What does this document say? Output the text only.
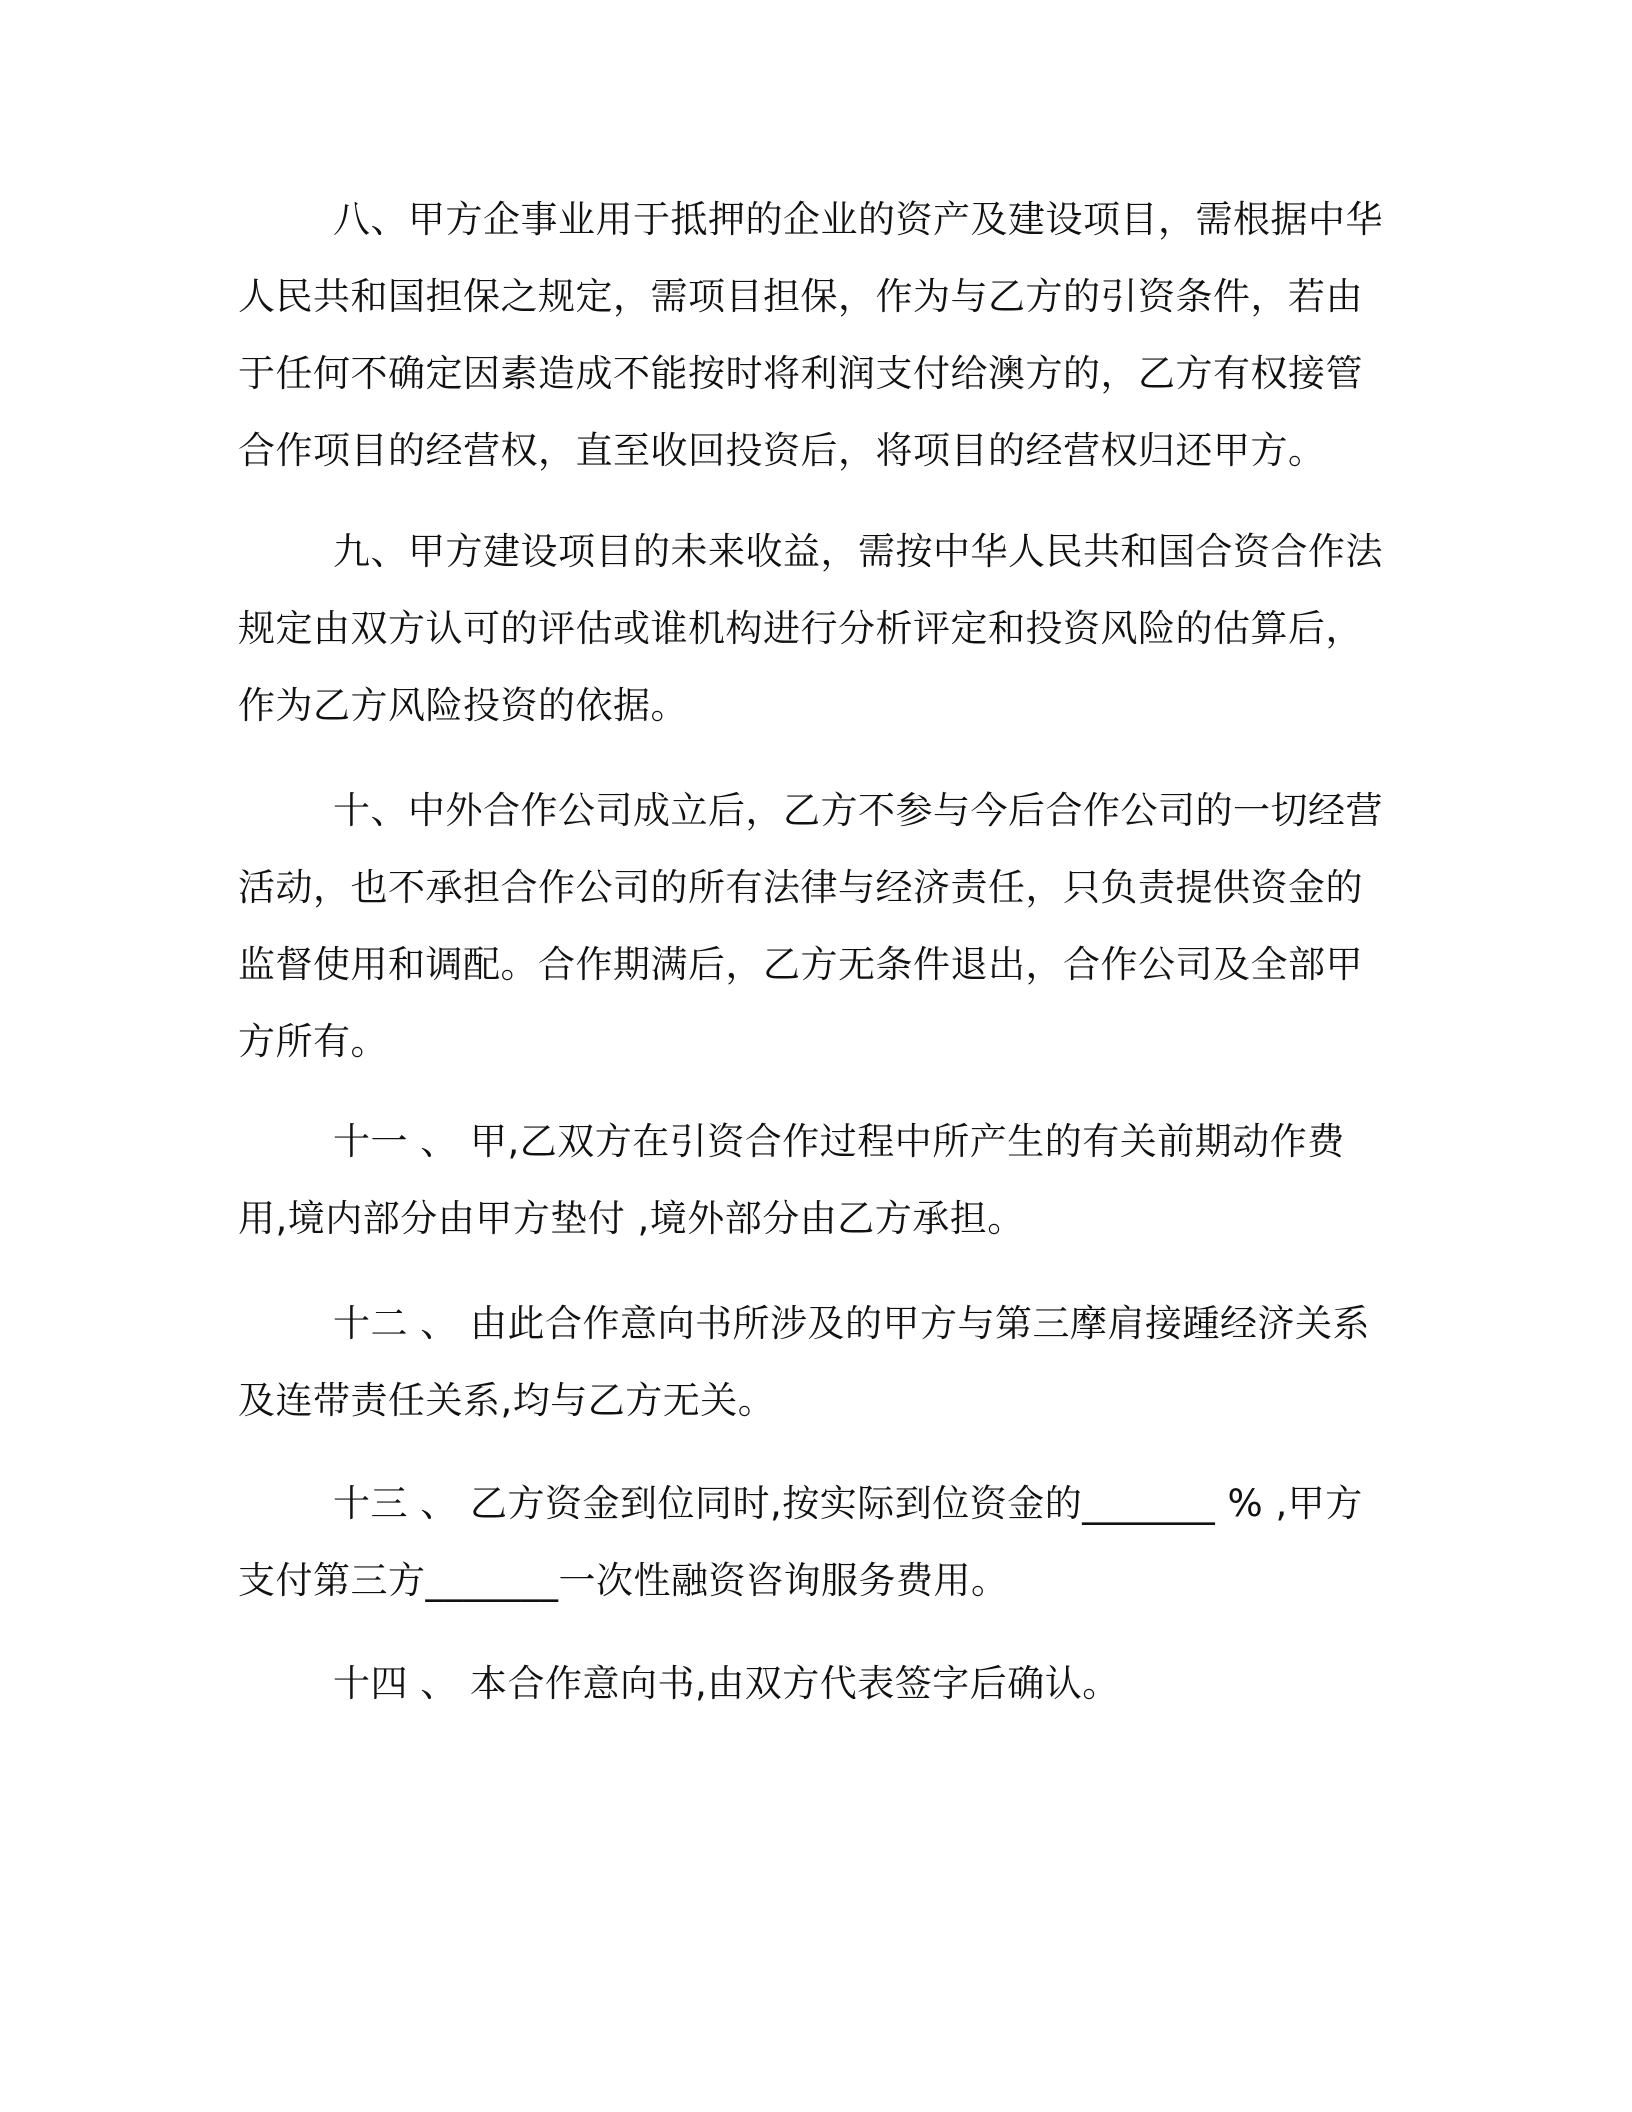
八、甲方企事业用于抵押的企业的资产及建设项目，需根据中华人民共和国担保之规定，需项目担保，作为与乙方的引资条件，若由于任何不确定因素造成不能按时将利润支付给澳方的，乙方有权接管合作项目的经营权，直至收回投资后，将项目的经营权归还甲方。

九、甲方建设项目的未来收益，需按中华人民共和国合资合作法规定由双方认可的评估或谁机构进行分析评定和投资风险的估算后，作为乙方风险投资的依据。

十、中外合作公司成立后，乙方不参与今后合作公司的一切经营活动，也不承担合作公司的所有法律与经济责任，只负责提供资金的监督使用和调配。合作期满后，乙方无条件退出，合作公司及全部甲方所有。

十一 、 甲,乙双方在引资合作过程中所产生的有关前期动作费用,境内部分由甲方垫付 ,境外部分由乙方承担。

十二 、 由此合作意向书所涉及的甲方与第三摩肩接踵经济关系及连带责任关系,均与乙方无关。

十三 、 乙方资金到位同时,按实际到位资金的_______ % ,甲方支付第三方_______一次性融资咨询服务费用。

十四 、 本合作意向书,由双方代表签字后确认。
